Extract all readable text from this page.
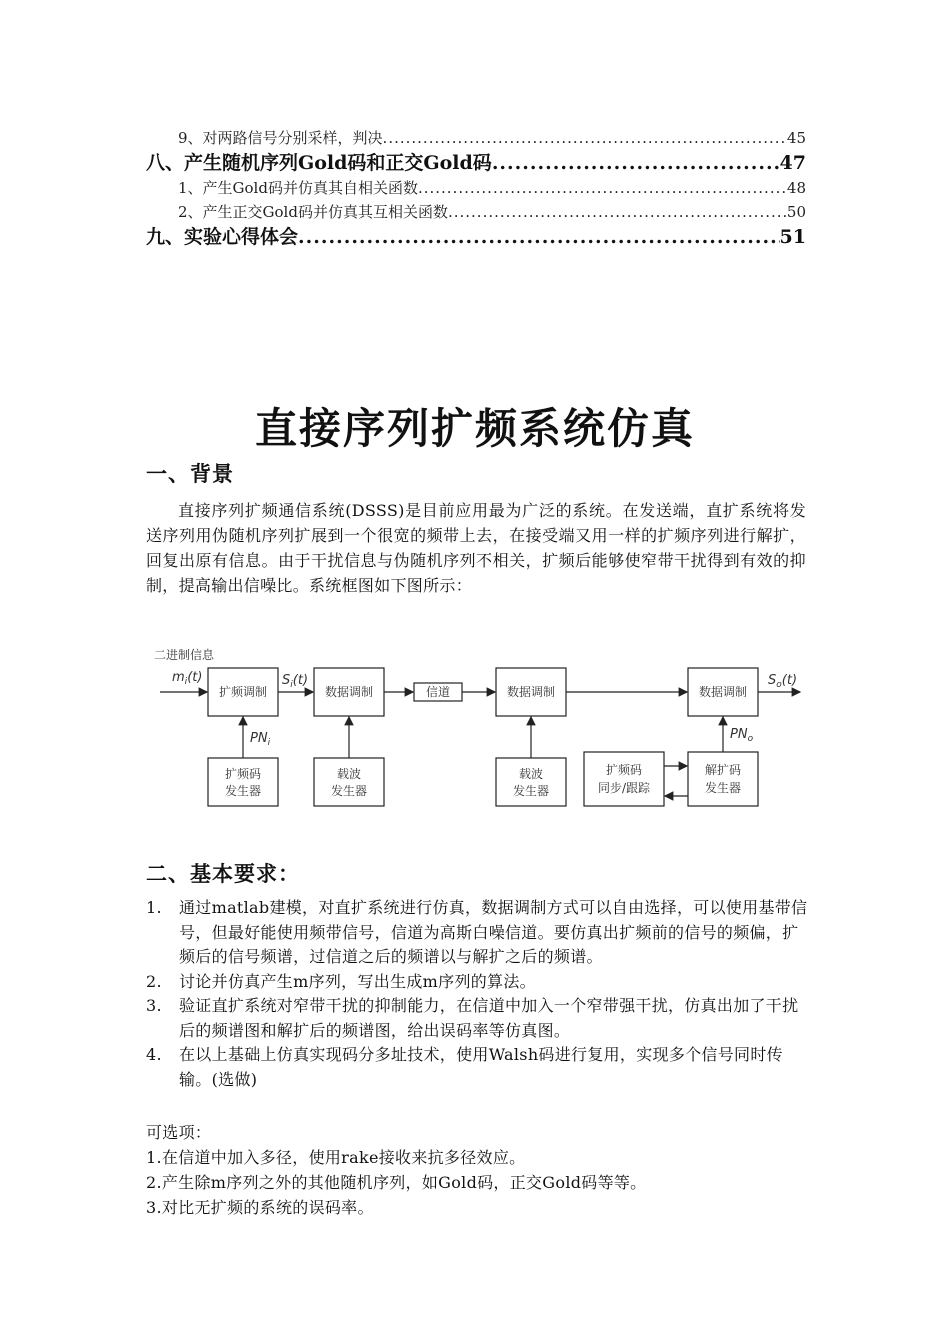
9、对两路信号分别采样，判决 .....	45
八、产生随机序列Gold码和正交Gold码 .....	47
1、产生Gold码并仿真其自相关函数 .....	48
2、产生正交Gold码并仿真其互相关函数 .....	50
九、实验心得体会 .....	51
直接序列扩频系统仿真
一、背景

直接序列扩频通信系统(DSSS)是目前应用最为广泛的系统。在发送端，直扩系统将发送序列用伪随机序列扩展到一个很宽的频带上去，在接受端又用一样的扩频序列进行解扩，回复出原有信息。由于干扰信息与伪随机序列不相关，扩频后能够使窄带干扰得到有效的抑制，提高输出信噪比。系统框图如下图所示：

二进制信息
$m_i(t)$	$S_i(t)$	$S_o(t)$
$PN_i$
$PN_o$
扩频调制	数据调制	信道	数据调制	数据调制
扩频码
发生器
载波
发生器
载波
发生器
扩频码
同步/跟踪
解扩码
发生器
二、基本要求：
1. 通过matlab建模，对直扩系统进行仿真，数据调制方式可以自由选择，可以使用基带信号，但最好能使用频带信号，信道为高斯白噪信道。要仿真出扩频前的信号的频偏，扩频后的信号频谱，过信道之后的频谱以与解扩之后的频谱。
2. 讨论并仿真产生m序列，写出生成m序列的算法。
3. 验证直扩系统对窄带干扰的抑制能力，在信道中加入一个窄带强干扰，仿真出加了干扰后的频谱图和解扩后的频谱图，给出误码率等仿真图。
4. 在以上基础上仿真实现码分多址技术，使用Walsh码进行复用，实现多个信号同时传输。(选做)
可选项：
1.在信道中加入多径，使用rake接收来抗多径效应。
2.产生除m序列之外的其他随机序列，如Gold码，正交Gold码等等。
3.对比无扩频的系统的误码率。
